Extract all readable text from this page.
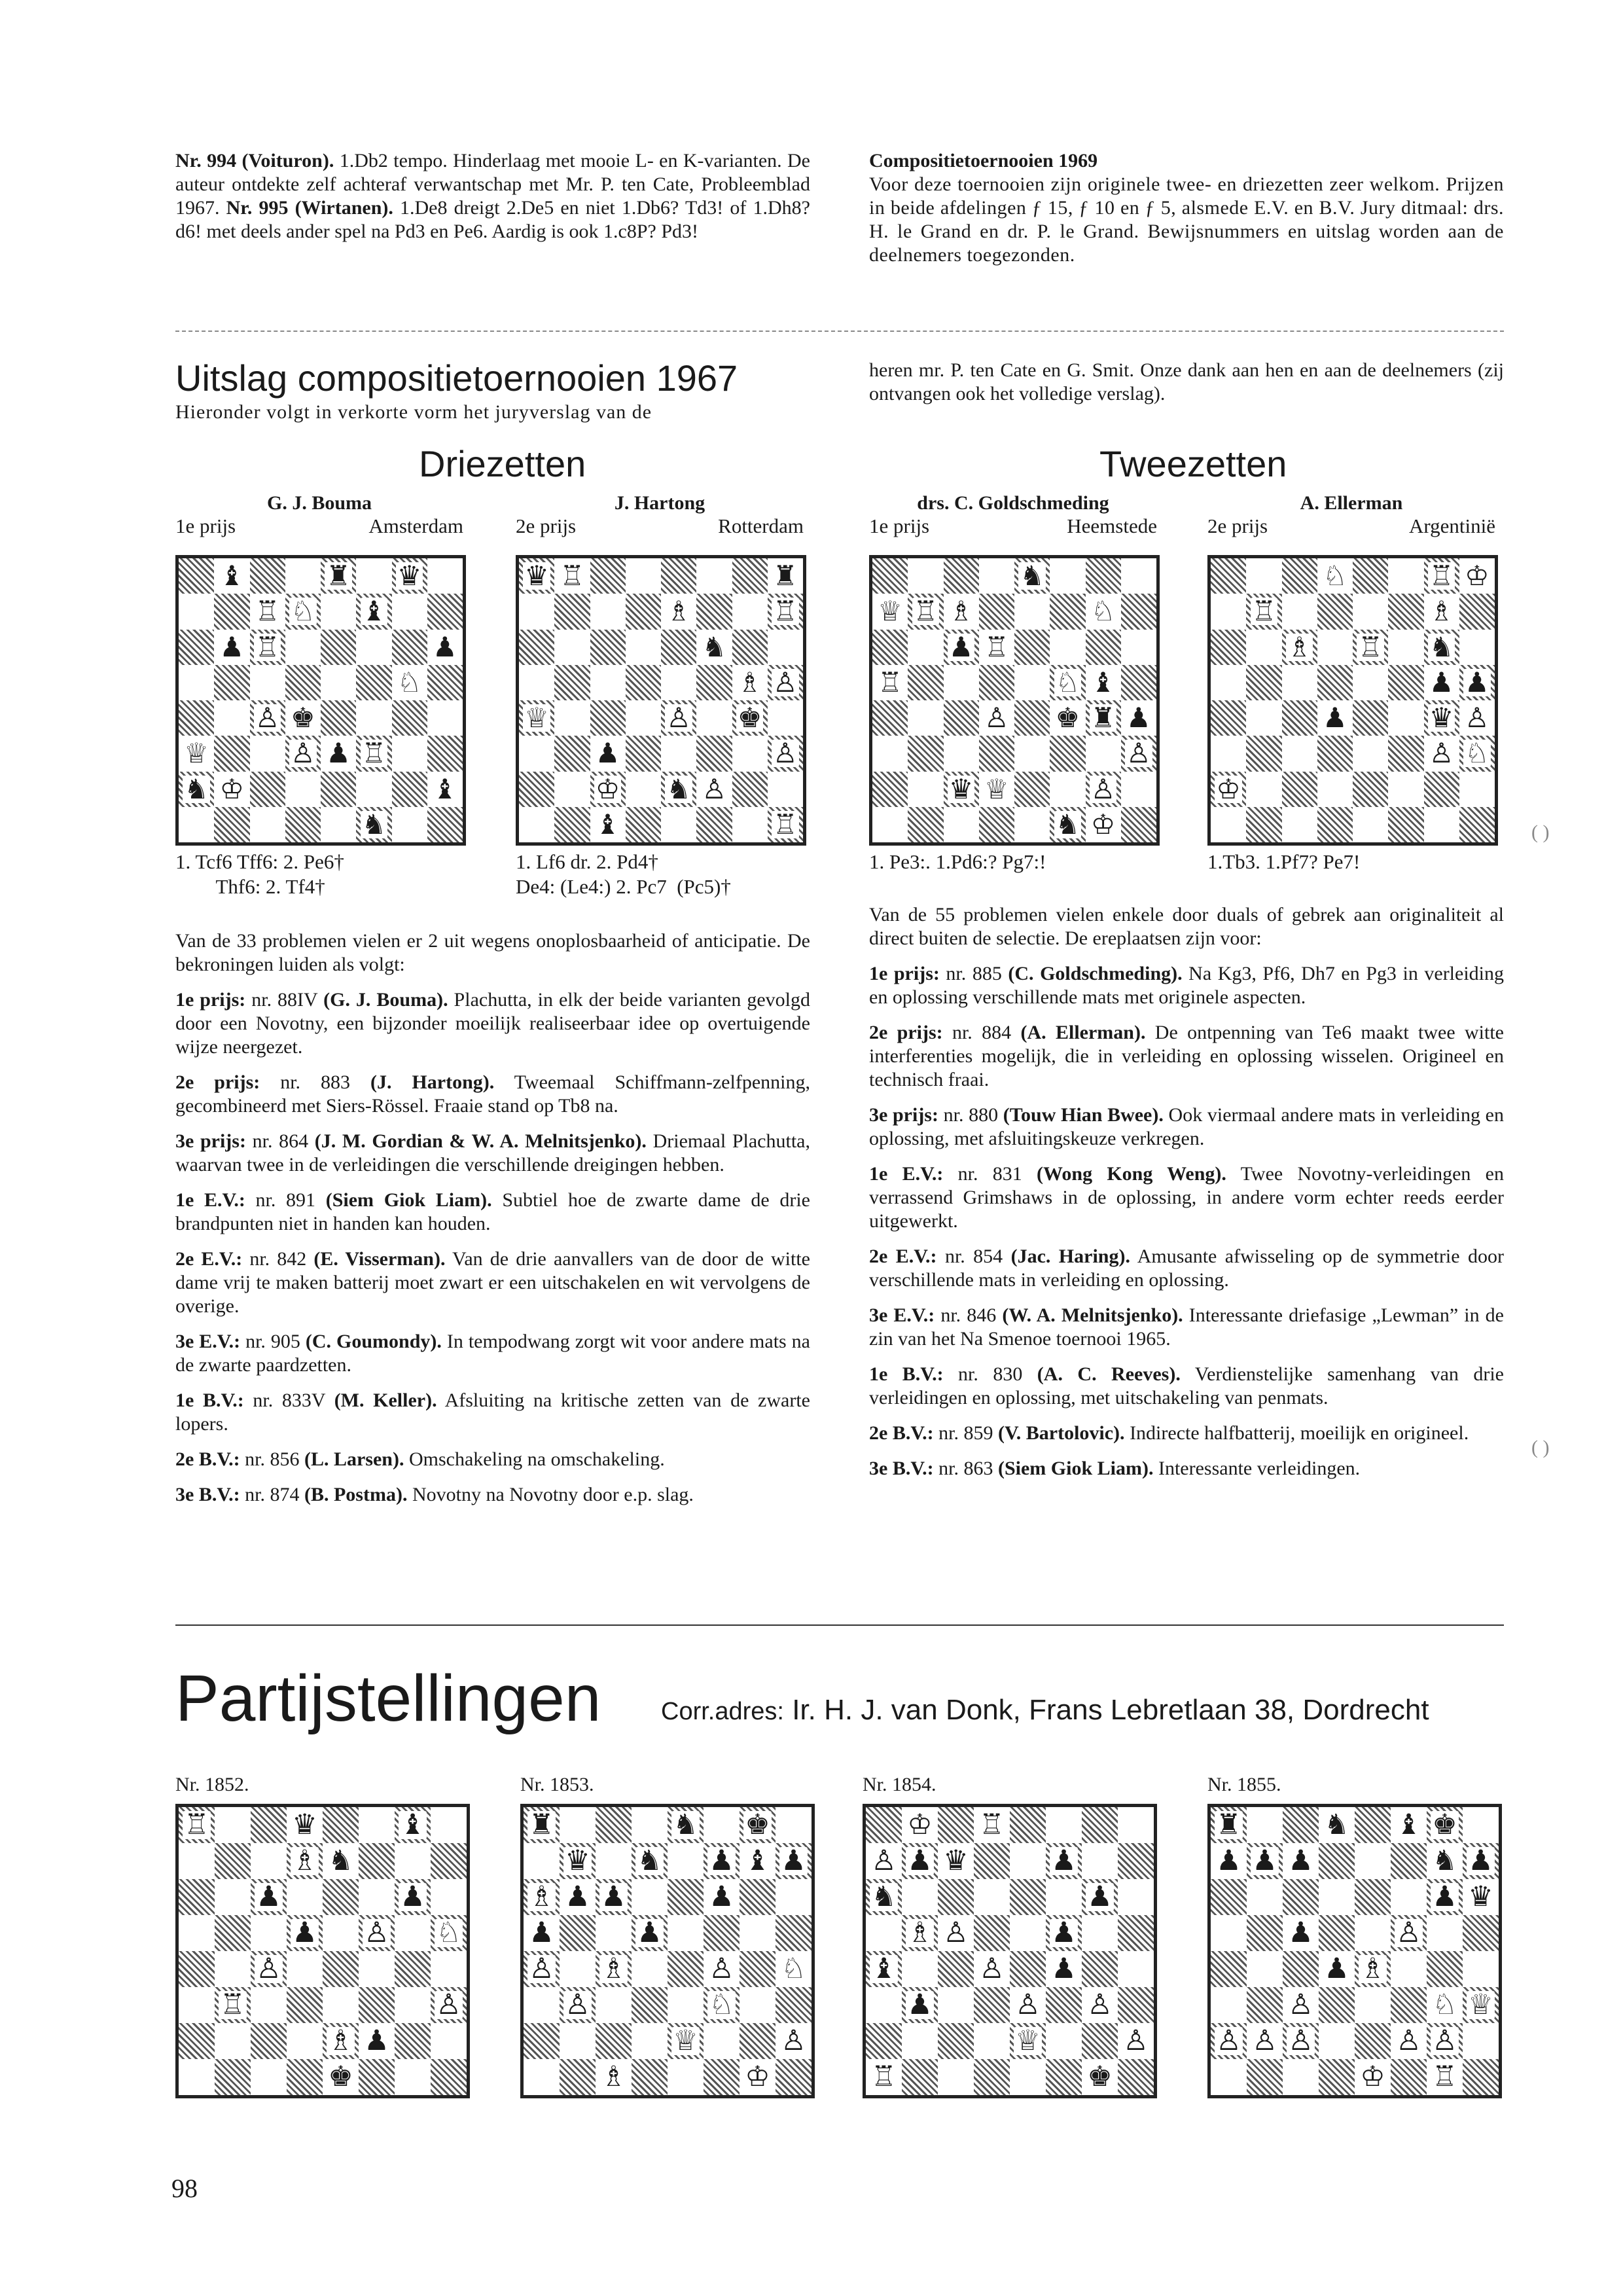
Nr. 994 (Voituron). 1.Db2 tempo. Hinderlaag met mooie L- en K-varianten. De auteur ontdekte zelf achteraf verwantschap met Mr. P. ten Cate, Probleemblad 1967. Nr. 995 (Wirtanen). 1.De8 dreigt 2.De5 en niet 1.Db6? Td3! of 1.Dh8? d6! met deels ander spel na Pd3 en Pe6. Aardig is ook 1.c8P? Pd3!
Compositietoernooien 1969
Voor deze toernooien zijn originele twee- en driezetten zeer welkom. Prijzen in beide afdelingen ƒ 15, ƒ 10 en ƒ 5, alsmede E.V. en B.V. Jury ditmaal: drs. H. le Grand en dr. P. le Grand. Bewijsnummers en uitslag worden aan de deelnemers toegezonden.
Uitslag compositietoernooien 1967
Hieronder volgt in verkorte vorm het juryverslag van de
heren mr. P. ten Cate en G. Smit. Onze dank aan hen en aan de deelnemers (zij ontvangen ook het volledige verslag).
Driezetten	Tweezetten
G. J. Bouma
1e prijs	Amsterdam
J. Hartong
2e prijs	Rotterdam
drs. C. Goldschmeding
1e prijs	Heemstede
A. Ellerman
2e prijs	Argentinië
♝	♜ ♛
♖ ♘ ♝
♟ ♖	♟
♘
♙ ♚
♕	♙ ♟ ♖
♞ ♔	♝
♞
♛ ♖	♜
♗	♖
♞
♗ ♙
♕	♙ ♚
♟	♙
♔ ♞ ♙
♝	♖
♞
♕ ♖ ♗	♘
♟ ♖
♖	♘ ♝
♙ ♚ ♜ ♟
♙
♛ ♕	♙
♞ ♔
♘	♖ ♔
♖	♗
♗ ♖ ♞
♟ ♟
♟	♛ ♙
♙ ♘
♔
1. Tcf6 Tff6: 2. Pe6†
Thf6: 2. Tf4†
1. Lf6 dr. 2. Pd4†
De4: (Le4:) 2. Pc7  (Pc5)†
1. Pe3:. 1.Pd6:? Pg7:!	1.Tb3. 1.Pf7? Pe7!
Van de 33 problemen vielen er 2 uit wegens onoplosbaarheid of anticipatie. De bekroningen luiden als volgt:
1e prijs: nr. 88IV (G. J. Bouma). Plachutta, in elk der beide varianten gevolgd door een Novotny, een bijzonder moeilijk realiseerbaar idee op overtuigende wijze neergezet.
2e prijs: nr. 883 (J. Hartong). Tweemaal Schiffmann-zelfpenning, gecombineerd met Siers-Rössel. Fraaie stand op Tb8 na.
3e prijs: nr. 864 (J. M. Gordian & W. A. Melnitsjenko). Driemaal Plachutta, waarvan twee in de verleidingen die verschillende dreigingen hebben.
1e E.V.: nr. 891 (Siem Giok Liam). Subtiel hoe de zwarte dame de drie brandpunten niet in handen kan houden.
2e E.V.: nr. 842 (E. Visserman). Van de drie aanvallers van de door de witte dame vrij te maken batterij moet zwart er een uitschakelen en wit vervolgens de overige.
3e E.V.: nr. 905 (C. Goumondy). In tempodwang zorgt wit voor andere mats na de zwarte paardzetten.
1e B.V.: nr. 833V (M. Keller). Afsluiting na kritische zetten van de zwarte lopers.
2e B.V.: nr. 856 (L. Larsen). Omschakeling na omschakeling.
3e B.V.: nr. 874 (B. Postma). Novotny na Novotny door e.p. slag.
Van de 55 problemen vielen enkele door duals of gebrek aan originaliteit al direct buiten de selectie. De ereplaatsen zijn voor:
1e prijs: nr. 885 (C. Goldschmeding). Na Kg3, Pf6, Dh7 en Pg3 in verleiding en oplossing verschillende mats met originele aspecten.
2e prijs: nr. 884 (A. Ellerman). De ontpenning van Te6 maakt twee witte interferenties mogelijk, die in verleiding en oplossing wisselen. Origineel en technisch fraai.
3e prijs: nr. 880 (Touw Hian Bwee). Ook viermaal andere mats in verleiding en oplossing, met afsluitingskeuze verkregen.
1e E.V.: nr. 831 (Wong Kong Weng). Twee Novotny-verleidingen en verrassend Grimshaws in de oplossing, in andere vorm echter reeds eerder uitgewerkt.
2e E.V.: nr. 854 (Jac. Haring). Amusante afwisseling op de symmetrie door verschillende mats in verleiding en oplossing.
3e E.V.: nr. 846 (W. A. Melnitsjenko). Interessante driefasige „Lewman” in de zin van het Na Smenoe toernooi 1965.
1e B.V.: nr. 830 (A. C. Reeves). Verdienstelijke samenhang van drie verleidingen en oplossing, met uitschakeling van penmats.
2e B.V.: nr. 859 (V. Bartolovic). Indirecte halfbatterij, moeilijk en origineel.
3e B.V.: nr. 863 (Siem Giok Liam). Interessante verleidingen.
( )
( )
Partijstellingen Corr.adres: Ir. H. J. van Donk, Frans Lebretlaan 38, Dordrecht
Nr. 1852.	Nr. 1853.	Nr. 1854.	Nr. 1855.
♖	♛	♝
♗ ♞
♟	♟
♟ ♙ ♘
♙
♖	♙
♗ ♟
♚
♜	♞ ♚
♛ ♞ ♟ ♝ ♟
♗ ♟ ♟	♟
♟	♟
♙ ♗	♙ ♘
♙	♘
♕	♙
♗	♔
♔ ♖
♙ ♟ ♛	♟
♞	♟
♗ ♙	♟
♝	♙ ♟
♟	♙ ♙
♕	♙
♖	♚
♜	♞ ♝ ♚
♟ ♟ ♟	♞ ♟
♟ ♛
♟	♙
♟ ♗
♙	♘ ♕
♙ ♙ ♙	♙ ♙
♔ ♖
98
